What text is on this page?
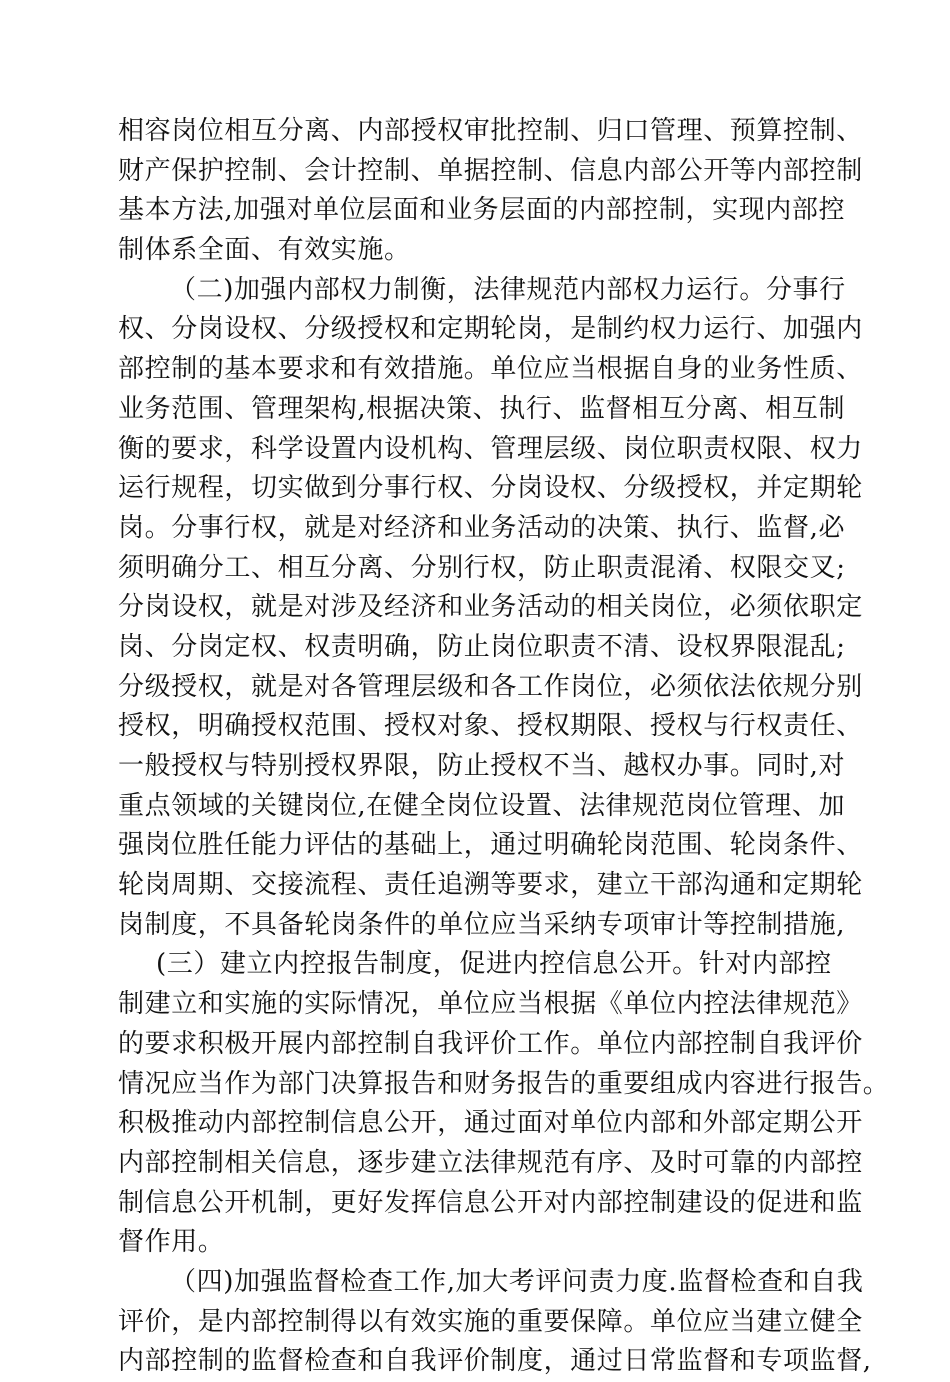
相容岗位相互分离、内部授权审批控制、归口管理、预算控制、
财产保护控制、会计控制、单据控制、信息内部公开等内部控制
基本方法,加强对单位层面和业务层面的内部控制，实现内部控
制体系全面、有效实施。
（二)加强内部权力制衡，法律规范内部权力运行。分事行
权、分岗设权、分级授权和定期轮岗，是制约权力运行、加强内
部控制的基本要求和有效措施。单位应当根据自身的业务性质、
业务范围、管理架构,根据决策、执行、监督相互分离、相互制
衡的要求，科学设置内设机构、管理层级、岗位职责权限、权力
运行规程，切实做到分事行权、分岗设权、分级授权，并定期轮
岗。分事行权，就是对经济和业务活动的决策、执行、监督,必
须明确分工、相互分离、分别行权，防止职责混淆、权限交叉;
分岗设权，就是对涉及经济和业务活动的相关岗位，必须依职定
岗、分岗定权、权责明确，防止岗位职责不清、设权界限混乱;
分级授权，就是对各管理层级和各工作岗位，必须依法依规分别
授权，明确授权范围、授权对象、授权期限、授权与行权责任、
一般授权与特别授权界限，防止授权不当、越权办事。同时,对
重点领域的关键岗位,在健全岗位设置、法律规范岗位管理、加
强岗位胜任能力评估的基础上，通过明确轮岗范围、轮岗条件、
轮岗周期、交接流程、责任追溯等要求，建立干部沟通和定期轮
岗制度，不具备轮岗条件的单位应当采纳专项审计等控制措施,
(三）建立内控报告制度，促进内控信息公开。针对内部控
制建立和实施的实际情况，单位应当根据《单位内控法律规范》
的要求积极开展内部控制自我评价工作。单位内部控制自我评价
情况应当作为部门决算报告和财务报告的重要组成内容进行报告。
积极推动内部控制信息公开，通过面对单位内部和外部定期公开
内部控制相关信息，逐步建立法律规范有序、及时可靠的内部控
制信息公开机制，更好发挥信息公开对内部控制建设的促进和监
督作用。
（四)加强监督检查工作,加大考评问责力度.监督检查和自我
评价，是内部控制得以有效实施的重要保障。单位应当建立健全
内部控制的监督检查和自我评价制度，通过日常监督和专项监督,
